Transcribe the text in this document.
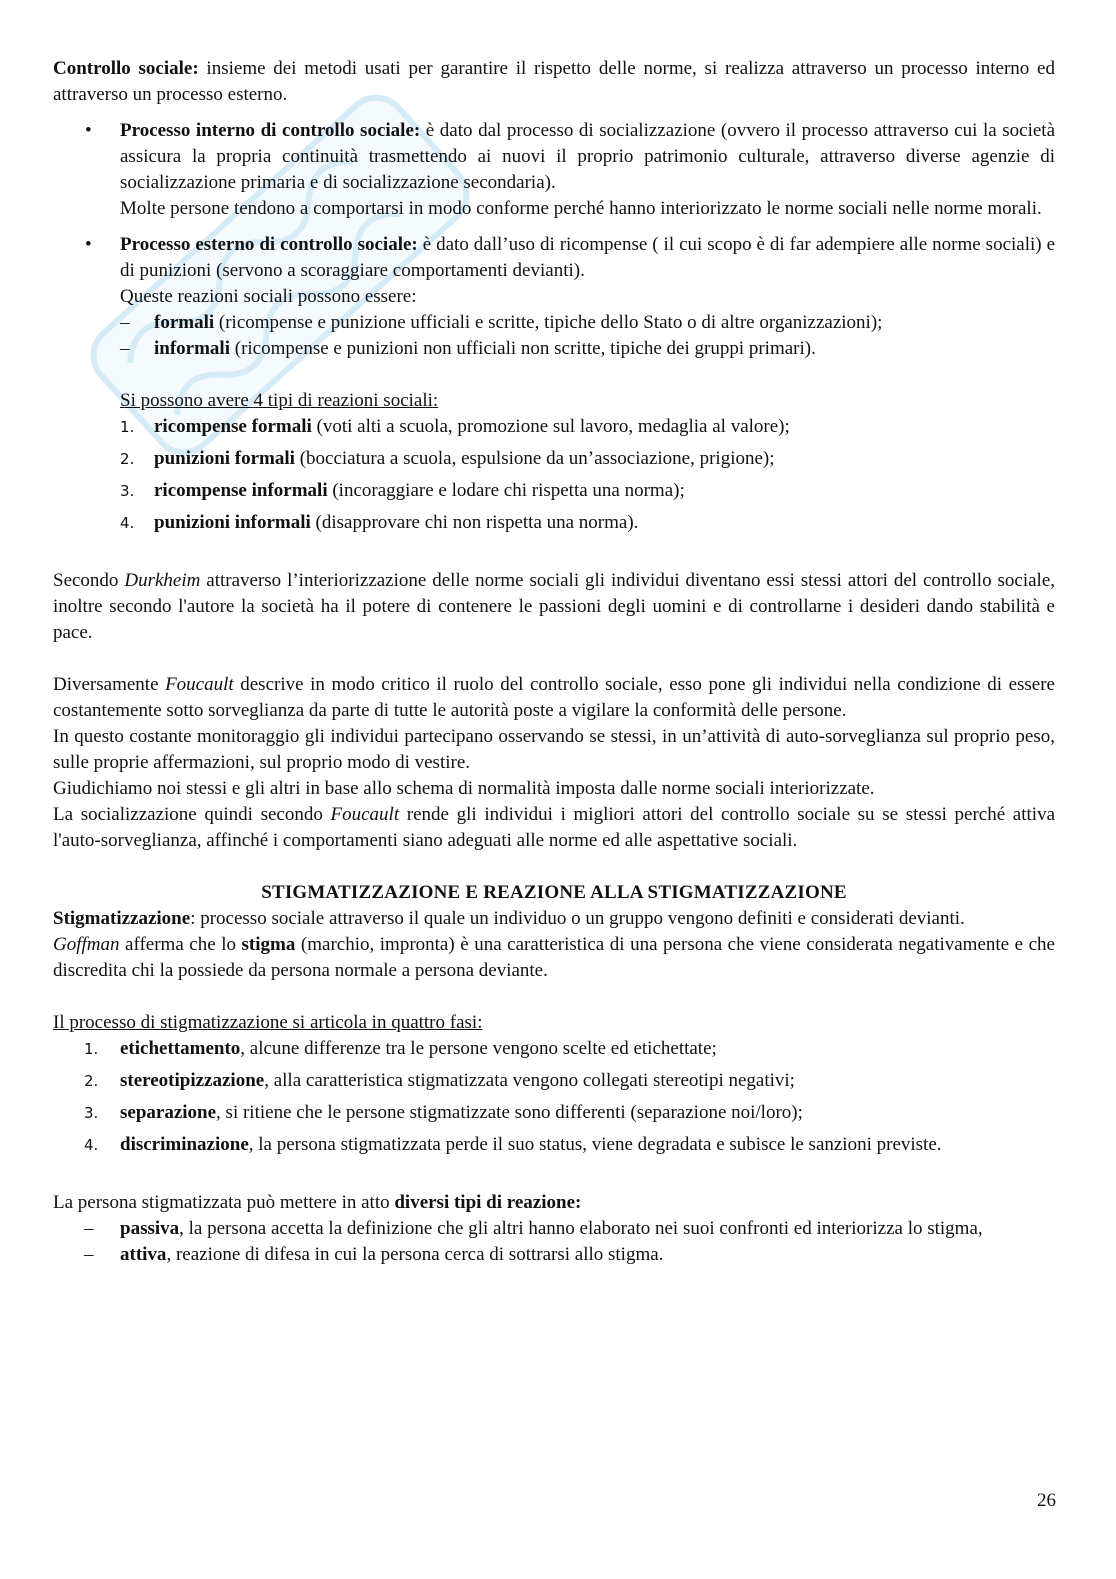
Controllo sociale: insieme dei metodi usati per garantire il rispetto delle norme, si realizza attraverso un processo interno ed attraverso un processo esterno.

• Processo interno di controllo sociale: è dato dal processo di socializzazione (ovvero il processo attraverso cui la società assicura la propria continuità trasmettendo ai nuovi il proprio patrimonio culturale, attraverso diverse agenzie di socializzazione primaria e di socializzazione secondaria).

Molte persone tendono a comportarsi in modo conforme perché hanno interiorizzato le norme sociali nelle norme morali.

• Processo esterno di controllo sociale: è dato dall’uso di ricompense ( il cui scopo è di far adempiere alle norme sociali) e di punizioni (servono a scoraggiare comportamenti devianti).

Queste reazioni sociali possono essere:

– formali (ricompense e punizione ufficiali e scritte, tipiche dello Stato o di altre organizzazioni);
– informali (ricompense e punizioni non ufficiali non scritte, tipiche dei gruppi primari).

Si possono avere 4 tipi di reazioni sociali:

1. ricompense formali (voti alti a scuola, promozione sul lavoro, medaglia al valore);
2. punizioni formali (bocciatura a scuola, espulsione da un’associazione, prigione);
3. ricompense informali (incoraggiare e lodare chi rispetta una norma);
4. punizioni informali (disapprovare chi non rispetta una norma).

Secondo Durkheim attraverso l’interiorizzazione delle norme sociali gli individui diventano essi stessi attori del controllo sociale, inoltre secondo l'autore la società ha il potere di contenere le passioni degli uomini e di controllarne i desideri dando stabilità e pace.

Diversamente Foucault descrive in modo critico il ruolo del controllo sociale, esso pone gli individui nella condizione di essere costantemente sotto sorveglianza da parte di tutte le autorità poste a vigilare la conformità delle persone.

In questo costante monitoraggio gli individui partecipano osservando se stessi, in un’attività di auto-sorveglianza sul proprio peso, sulle proprie affermazioni, sul proprio modo di vestire.

Giudichiamo noi stessi e gli altri in base allo schema di normalità imposta dalle norme sociali interiorizzate.

La socializzazione quindi secondo Foucault rende gli individui i migliori attori del controllo sociale su se stessi perché attiva l'auto-sorveglianza, affinché i comportamenti siano adeguati alle norme ed alle aspettative sociali.

STIGMATIZZAZIONE E REAZIONE ALLA STIGMATIZZAZIONE

Stigmatizzazione: processo sociale attraverso il quale un individuo o un gruppo vengono definiti e considerati devianti.

Goffman afferma che lo stigma (marchio, impronta) è una caratteristica di una persona che viene considerata negativamente e che discredita chi la possiede da persona normale a persona deviante.

Il processo di stigmatizzazione si articola in quattro fasi:

1. etichettamento, alcune differenze tra le persone vengono scelte ed etichettate;
2. stereotipizzazione, alla caratteristica stigmatizzata vengono collegati stereotipi negativi;
3. separazione, si ritiene che le persone stigmatizzate sono differenti (separazione noi/loro);
4. discriminazione, la persona stigmatizzata perde il suo status, viene degradata e subisce le sanzioni previste.

La persona stigmatizzata può mettere in atto diversi tipi di reazione:

– passiva, la persona accetta la definizione che gli altri hanno elaborato nei suoi confronti ed interiorizza lo stigma,
– attiva, reazione di difesa in cui la persona cerca di sottrarsi allo stigma.
26
